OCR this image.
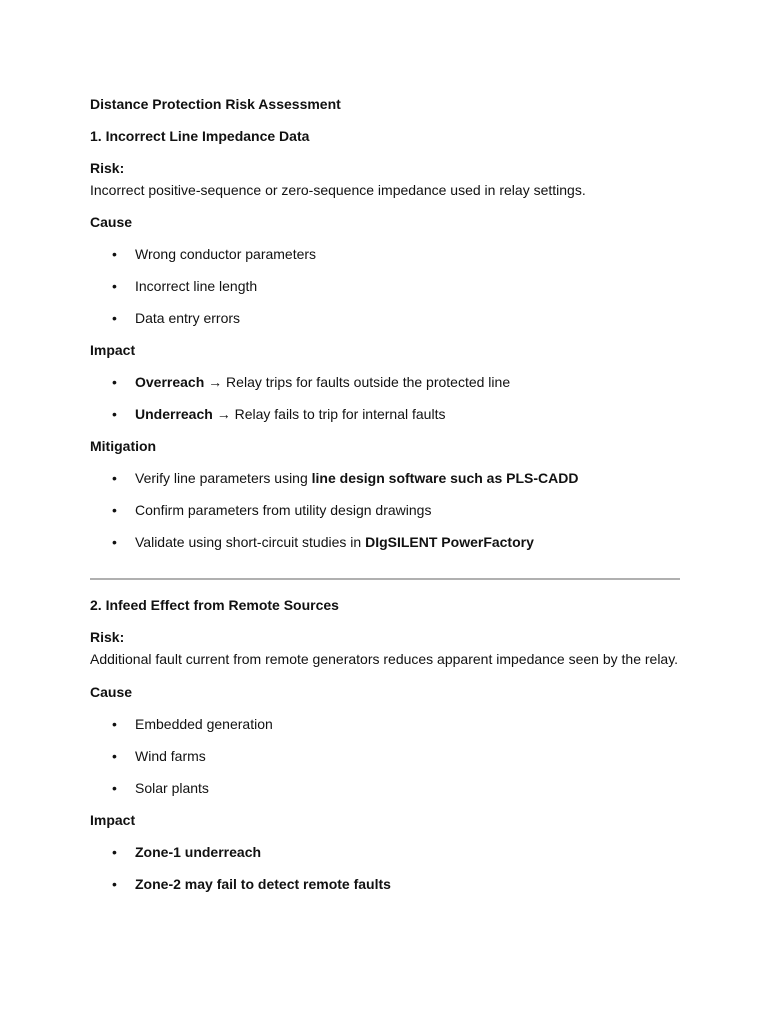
Distance Protection Risk Assessment

1. Incorrect Line Impedance Data

Risk:

Incorrect positive-sequence or zero-sequence impedance used in relay settings.

Cause

• Wrong conductor parameters
• Incorrect line length
• Data entry errors

Impact

• Overreach → Relay trips for faults outside the protected line
• Underreach → Relay fails to trip for internal faults

Mitigation

• Verify line parameters using line design software such as PLS-CADD
• Confirm parameters from utility design drawings
• Validate using short-circuit studies in DIgSILENT PowerFactory

2. Infeed Effect from Remote Sources

Risk:

Additional fault current from remote generators reduces apparent impedance seen by the relay.

Cause

• Embedded generation
• Wind farms
• Solar plants

Impact

• Zone-1 underreach
• Zone-2 may fail to detect remote faults
